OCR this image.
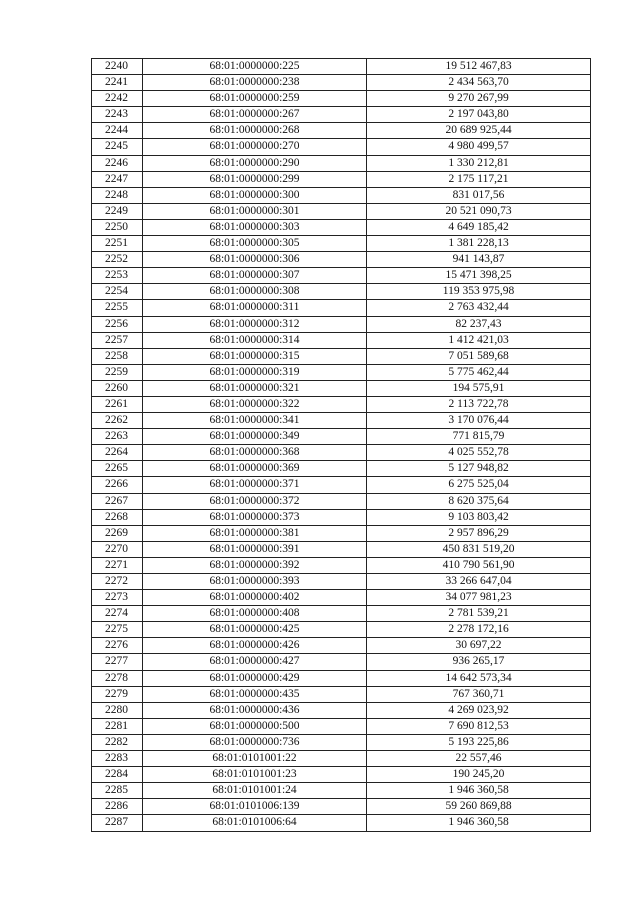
2240	68:01:0000000:225	19 512 467,83
2241	68:01:0000000:238	2 434 563,70
2242	68:01:0000000:259	9 270 267,99
2243	68:01:0000000:267	2 197 043,80
2244	68:01:0000000:268	20 689 925,44
2245	68:01:0000000:270	4 980 499,57
2246	68:01:0000000:290	1 330 212,81
2247	68:01:0000000:299	2 175 117,21
2248	68:01:0000000:300	831 017,56
2249	68:01:0000000:301	20 521 090,73
2250	68:01:0000000:303	4 649 185,42
2251	68:01:0000000:305	1 381 228,13
2252	68:01:0000000:306	941 143,87
2253	68:01:0000000:307	15 471 398,25
2254	68:01:0000000:308	119 353 975,98
2255	68:01:0000000:311	2 763 432,44
2256	68:01:0000000:312	82 237,43
2257	68:01:0000000:314	1 412 421,03
2258	68:01:0000000:315	7 051 589,68
2259	68:01:0000000:319	5 775 462,44
2260	68:01:0000000:321	194 575,91
2261	68:01:0000000:322	2 113 722,78
2262	68:01:0000000:341	3 170 076,44
2263	68:01:0000000:349	771 815,79
2264	68:01:0000000:368	4 025 552,78
2265	68:01:0000000:369	5 127 948,82
2266	68:01:0000000:371	6 275 525,04
2267	68:01:0000000:372	8 620 375,64
2268	68:01:0000000:373	9 103 803,42
2269	68:01:0000000:381	2 957 896,29
2270	68:01:0000000:391	450 831 519,20
2271	68:01:0000000:392	410 790 561,90
2272	68:01:0000000:393	33 266 647,04
2273	68:01:0000000:402	34 077 981,23
2274	68:01:0000000:408	2 781 539,21
2275	68:01:0000000:425	2 278 172,16
2276	68:01:0000000:426	30 697,22
2277	68:01:0000000:427	936 265,17
2278	68:01:0000000:429	14 642 573,34
2279	68:01:0000000:435	767 360,71
2280	68:01:0000000:436	4 269 023,92
2281	68:01:0000000:500	7 690 812,53
2282	68:01:0000000:736	5 193 225,86
2283	68:01:0101001:22	22 557,46
2284	68:01:0101001:23	190 245,20
2285	68:01:0101001:24	1 946 360,58
2286	68:01:0101006:139	59 260 869,88
2287	68:01:0101006:64	1 946 360,58
